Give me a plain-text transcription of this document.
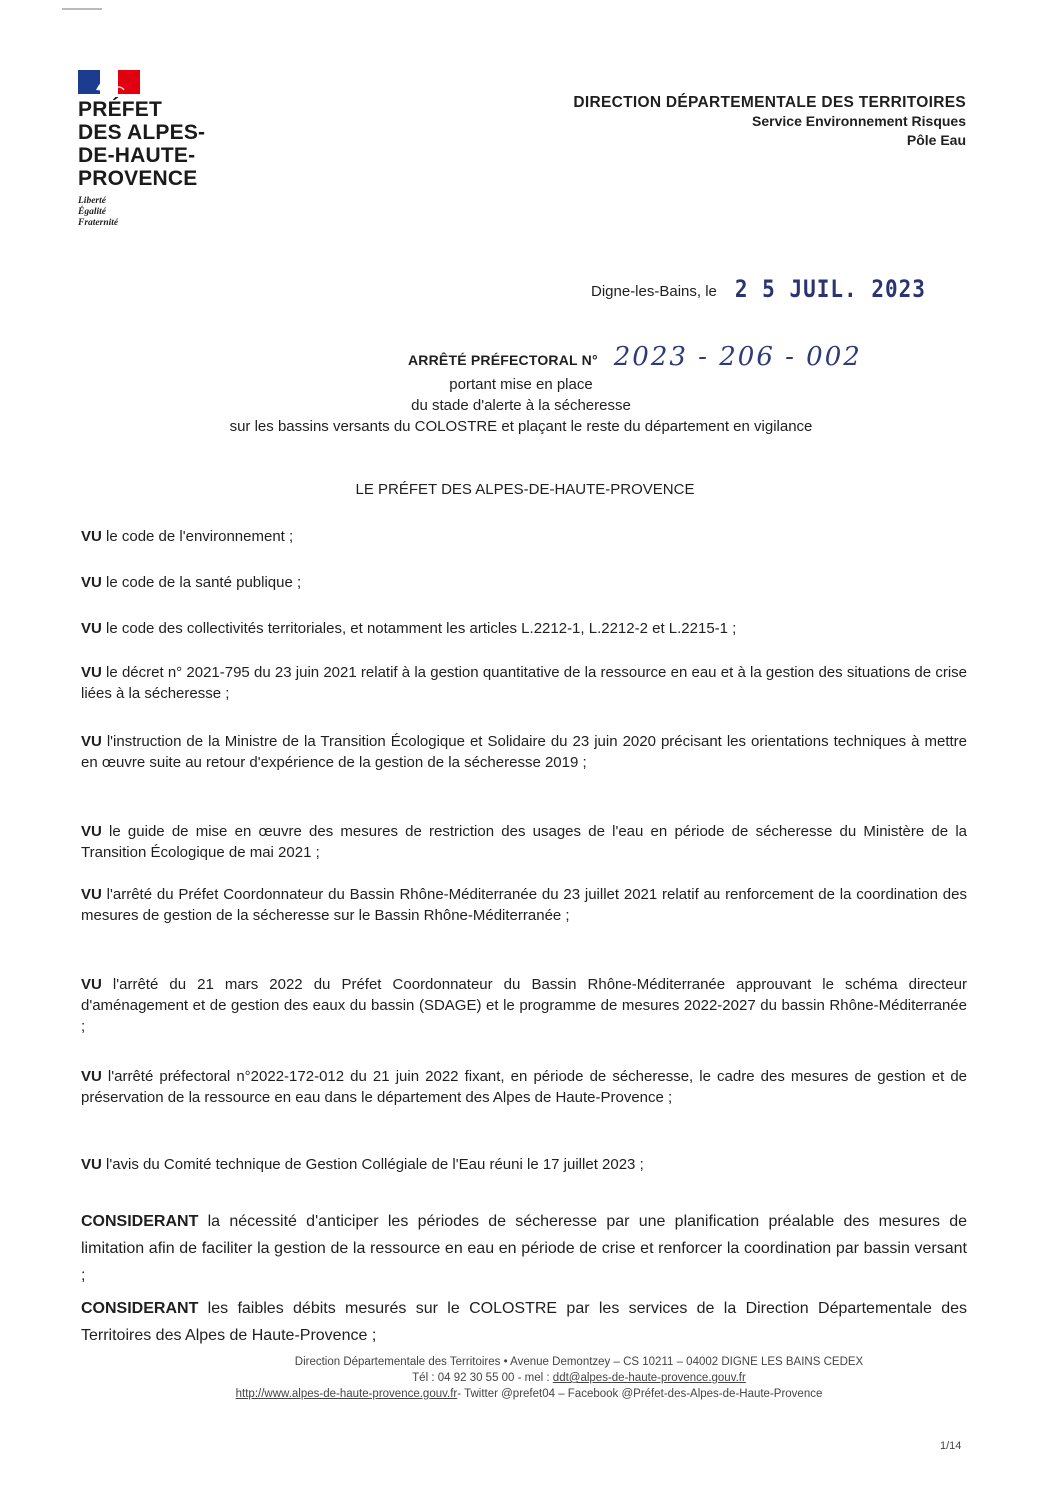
PRÉFET
DES ALPES-
DE-HAUTE-
PROVENCE
Liberté
Égalité
Fraternité
DIRECTION DÉPARTEMENTALE DES TERRITOIRES
Service Environnement Risques
Pôle Eau
Digne-les-Bains, le 2 5 JUIL. 2023
ARRÊTÉ PRÉFECTORAL N° 2023 - 206 - 002
portant mise en place
du stade d'alerte à la sécheresse
sur les bassins versants du COLOSTRE et plaçant le reste du département en vigilance
LE PRÉFET DES ALPES-DE-HAUTE-PROVENCE
VU le code de l'environnement ;
VU le code de la santé publique ;
VU le code des collectivités territoriales, et notamment les articles L.2212-1, L.2212-2 et L.2215-1 ;
VU le décret n° 2021-795 du 23 juin 2021 relatif à la gestion quantitative de la ressource en eau et à la gestion des situations de crise liées à la sécheresse ;
VU l'instruction de la Ministre de la Transition Écologique et Solidaire du 23 juin 2020 précisant les orientations techniques à mettre en œuvre suite au retour d'expérience de la gestion de la sécheresse 2019 ;
VU le guide de mise en œuvre des mesures de restriction des usages de l'eau en période de sécheresse du Ministère de la Transition Écologique de mai 2021 ;
VU l'arrêté du Préfet Coordonnateur du Bassin Rhône-Méditerranée du 23 juillet 2021 relatif au renforcement de la coordination des mesures de gestion de la sécheresse sur le Bassin Rhône-Méditerranée ;
VU l'arrêté du 21 mars 2022 du Préfet Coordonnateur du Bassin Rhône-Méditerranée approuvant le schéma directeur d'aménagement et de gestion des eaux du bassin (SDAGE) et le programme de mesures 2022-2027 du bassin Rhône-Méditerranée ;
VU l'arrêté préfectoral n°2022-172-012 du 21 juin 2022 fixant, en période de sécheresse, le cadre des mesures de gestion et de préservation de la ressource en eau dans le département des Alpes de Haute-Provence ;
VU l'avis du Comité technique de Gestion Collégiale de l'Eau réuni le 17 juillet 2023 ;
CONSIDERANT la nécessité d'anticiper les périodes de sécheresse par une planification préalable des mesures de limitation afin de faciliter la gestion de la ressource en eau en période de crise et renforcer la coordination par bassin versant ;
CONSIDERANT les faibles débits mesurés sur le COLOSTRE par les services de la Direction Départementale des Territoires des Alpes de Haute-Provence ;
Direction Départementale des Territoires • Avenue Demontzey – CS 10211 – 04002 DIGNE LES BAINS CEDEX
Tél : 04 92 30 55 00 - mel : ddt@alpes-de-haute-provence.gouv.fr
http://www.alpes-de-haute-provence.gouv.fr- Twitter @prefet04 – Facebook @Préfet-des-Alpes-de-Haute-Provence
1/14
